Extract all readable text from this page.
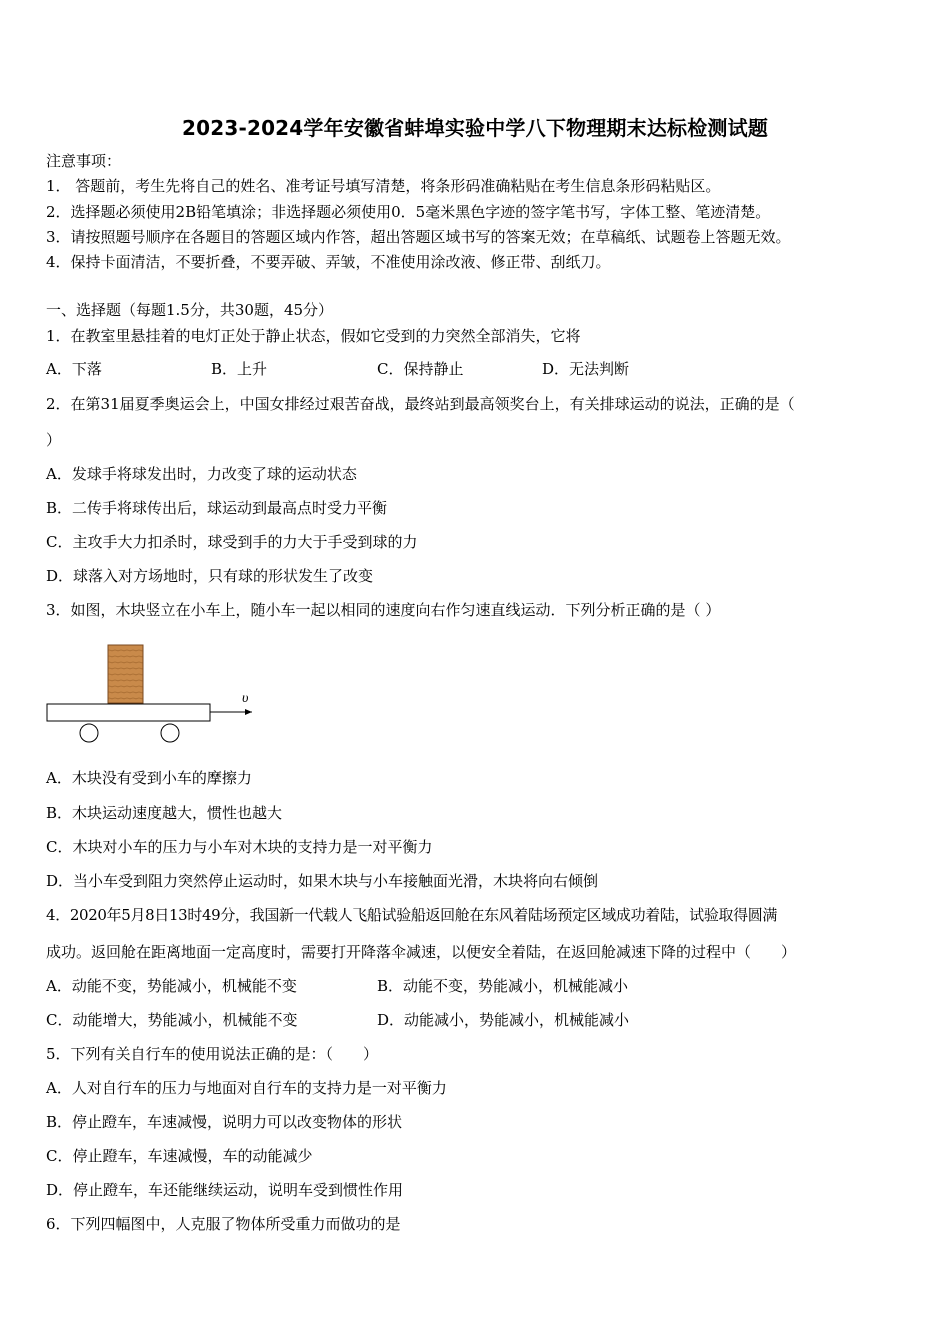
2023-2024学年安徽省蚌埠实验中学八下物理期末达标检测试题
注意事项：
1． 答题前，考生先将自己的姓名、准考证号填写清楚，将条形码准确粘贴在考生信息条形码粘贴区。
2．选择题必须使用2B铅笔填涂；非选择题必须使用0．5毫米黑色字迹的签字笔书写，字体工整、笔迹清楚。
3．请按照题号顺序在各题目的答题区域内作答，超出答题区域书写的答案无效；在草稿纸、试题卷上答题无效。
4．保持卡面清洁，不要折叠，不要弄破、弄皱，不准使用涂改液、修正带、刮纸刀。
一、选择题（每题1.5分，共30题，45分）
1．在教室里悬挂着的电灯正处于静止状态，假如它受到的力突然全部消失，它将
A．下落	B．上升	C．保持静止	D．无法判断
2．在第31届夏季奥运会上，中国女排经过艰苦奋战，最终站到最高领奖台上，有关排球运动的说法，正确的是（
）
A．发球手将球发出时，力改变了球的运动状态
B．二传手将球传出后，球运动到最高点时受力平衡
C．主攻手大力扣杀时，球受到手的力大于手受到球的力
D．球落入对方场地时，只有球的形状发生了改变
3．如图，木块竖立在小车上，随小车一起以相同的速度向右作匀速直线运动．下列分析正确的是（ ）
υ
A．木块没有受到小车的摩擦力
B．木块运动速度越大，惯性也越大
C．木块对小车的压力与小车对木块的支持力是一对平衡力
D．当小车受到阻力突然停止运动时，如果木块与小车接触面光滑，木块将向右倾倒
4．2020年5月8日13时49分，我国新一代载人飞船试验船返回舱在东风着陆场预定区域成功着陆，试验取得圆满
成功。返回舱在距离地面一定高度时，需要打开降落伞减速，以便安全着陆，在返回舱减速下降的过程中（　　）
A．动能不变，势能减小，机械能不变	B．动能不变，势能减小，机械能减小
C．动能增大，势能减小，机械能不变	D．动能减小，势能减小，机械能减小
5．下列有关自行车的使用说法正确的是：（　　）
A．人对自行车的压力与地面对自行车的支持力是一对平衡力
B．停止蹬车，车速减慢，说明力可以改变物体的形状
C．停止蹬车，车速减慢，车的动能减少
D．停止蹬车，车还能继续运动，说明车受到惯性作用
6．下列四幅图中，人克服了物体所受重力而做功的是
